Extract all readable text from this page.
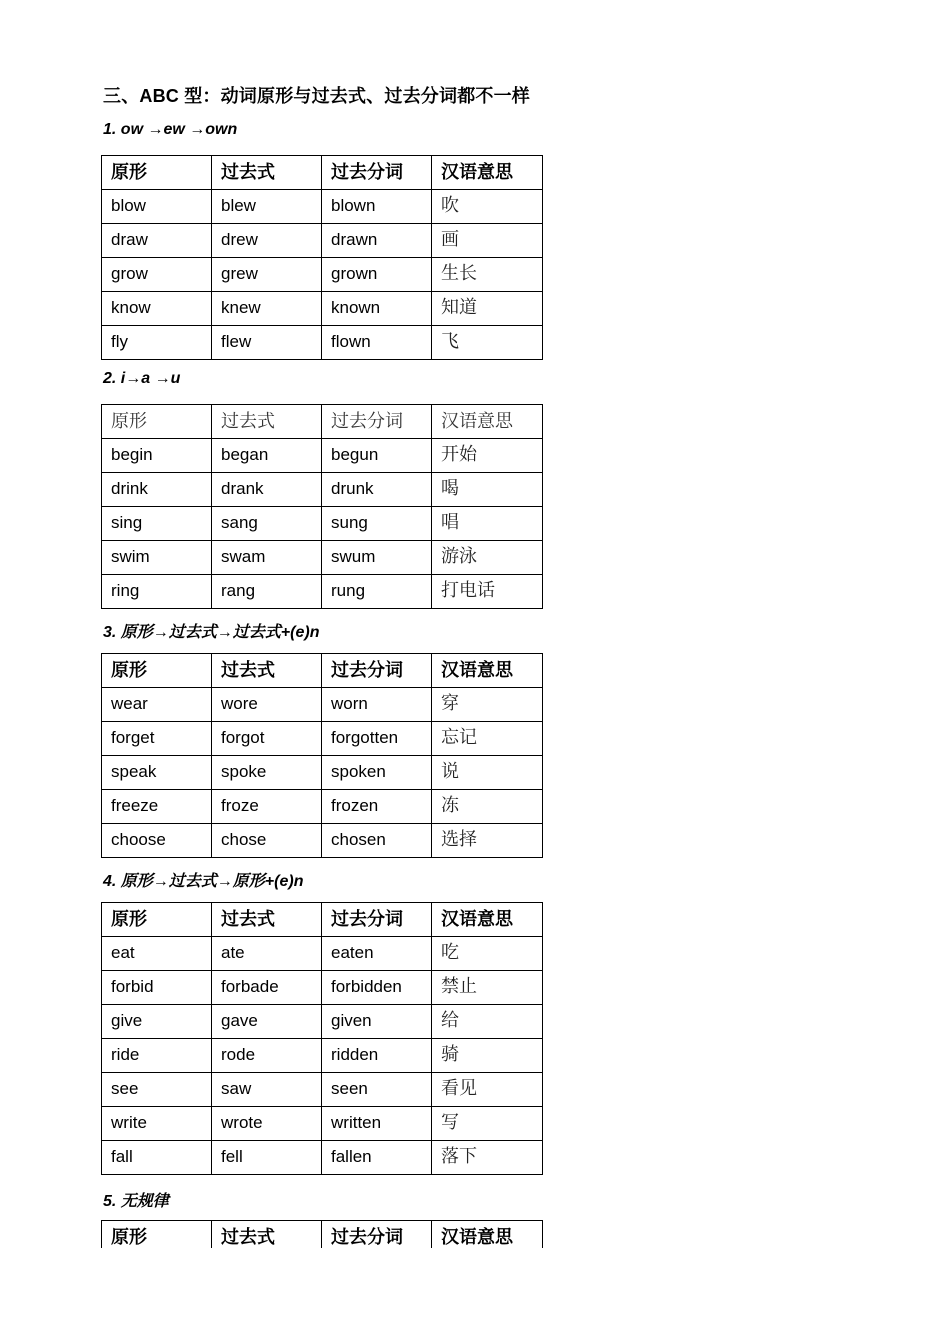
三、ABC 型：动词原形与过去式、过去分词都不一样
1. ow →ew →own
原形	过去式	过去分词	汉语意思
blow	blew	blown	吹
draw	drew	drawn	画
grow	grew	grown	生长
know	knew	known	知道
fly	flew	flown	飞
2. i→a →u
原形	过去式	过去分词	汉语意思
begin	began	begun	开始
drink	drank	drunk	喝
sing	sang	sung	唱
swim	swam	swum	游泳
ring	rang	rung	打电话
3. 原形→过去式→过去式+(e)n
原形	过去式	过去分词	汉语意思
wear	wore	worn	穿
forget	forgot	forgotten	忘记
speak	spoke	spoken	说
freeze	froze	frozen	冻
choose	chose	chosen	选择
4. 原形→过去式→原形+(e)n
原形	过去式	过去分词	汉语意思
eat	ate	eaten	吃
forbid	forbade	forbidden	禁止
give	gave	given	给
ride	rode	ridden	骑
see	saw	seen	看见
write	wrote	written	写
fall	fell	fallen	落下
5. 无规律
原形	过去式	过去分词	汉语意思
